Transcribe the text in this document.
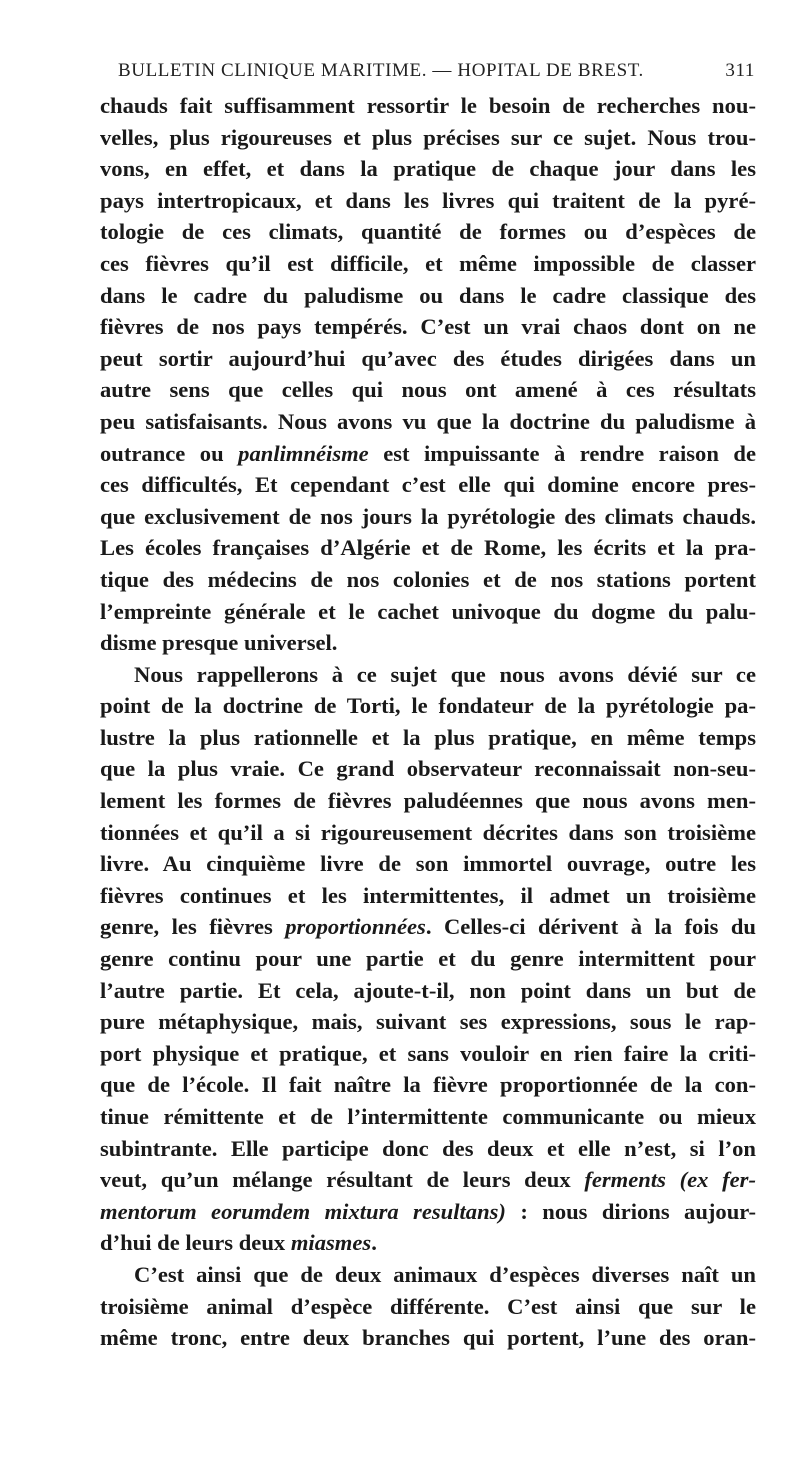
BULLETIN CLINIQUE MARITIME. — HOPITAL DE BREST.	311
chauds fait suffisamment ressortir le besoin de recherches nou-
velles, plus rigoureuses et plus précises sur ce sujet. Nous trou-
vons, en effet, et dans la pratique de chaque jour dans les
pays intertropicaux, et dans les livres qui traitent de la pyré-
tologie de ces climats, quantité de formes ou d’espèces de
ces fièvres qu’il est difficile, et même impossible de classer
dans le cadre du paludisme ou dans le cadre classique des
fièvres de nos pays tempérés. C’est un vrai chaos dont on ne
peut sortir aujourd’hui qu’avec des études dirigées dans un
autre sens que celles qui nous ont amené à ces résultats
peu satisfaisants. Nous avons vu que la doctrine du paludisme à
outrance ou panlimnéisme est impuissante à rendre raison de
ces difficultés, Et cependant c’est elle qui domine encore pres-
que exclusivement de nos jours la pyrétologie des climats chauds.
Les écoles françaises d’Algérie et de Rome, les écrits et la pra-
tique des médecins de nos colonies et de nos stations portent
l’empreinte générale et le cachet univoque du dogme du palu-
disme presque universel.
Nous rappellerons à ce sujet que nous avons dévié sur ce
point de la doctrine de Torti, le fondateur de la pyrétologie pa-
lustre la plus rationnelle et la plus pratique, en même temps
que la plus vraie. Ce grand observateur reconnaissait non-seu-
lement les formes de fièvres paludéennes que nous avons men-
tionnées et qu’il a si rigoureusement décrites dans son troisième
livre. Au cinquième livre de son immortel ouvrage, outre les
fièvres continues et les intermittentes, il admet un troisième
genre, les fièvres proportionnées. Celles-ci dérivent à la fois du
genre continu pour une partie et du genre intermittent pour
l’autre partie. Et cela, ajoute-t-il, non point dans un but de
pure métaphysique, mais, suivant ses expressions, sous le rap-
port physique et pratique, et sans vouloir en rien faire la criti-
que de l’école. Il fait naître la fièvre proportionnée de la con-
tinue rémittente et de l’intermittente communicante ou mieux
subintrante. Elle participe donc des deux et elle n’est, si l’on
veut, qu’un mélange résultant de leurs deux ferments (ex fer-
mentorum eorumdem mixtura resultans) : nous dirions aujour-
d’hui de leurs deux miasmes.
C’est ainsi que de deux animaux d’espèces diverses naît un
troisième animal d’espèce différente. C’est ainsi que sur le
même tronc, entre deux branches qui portent, l’une des oran-
